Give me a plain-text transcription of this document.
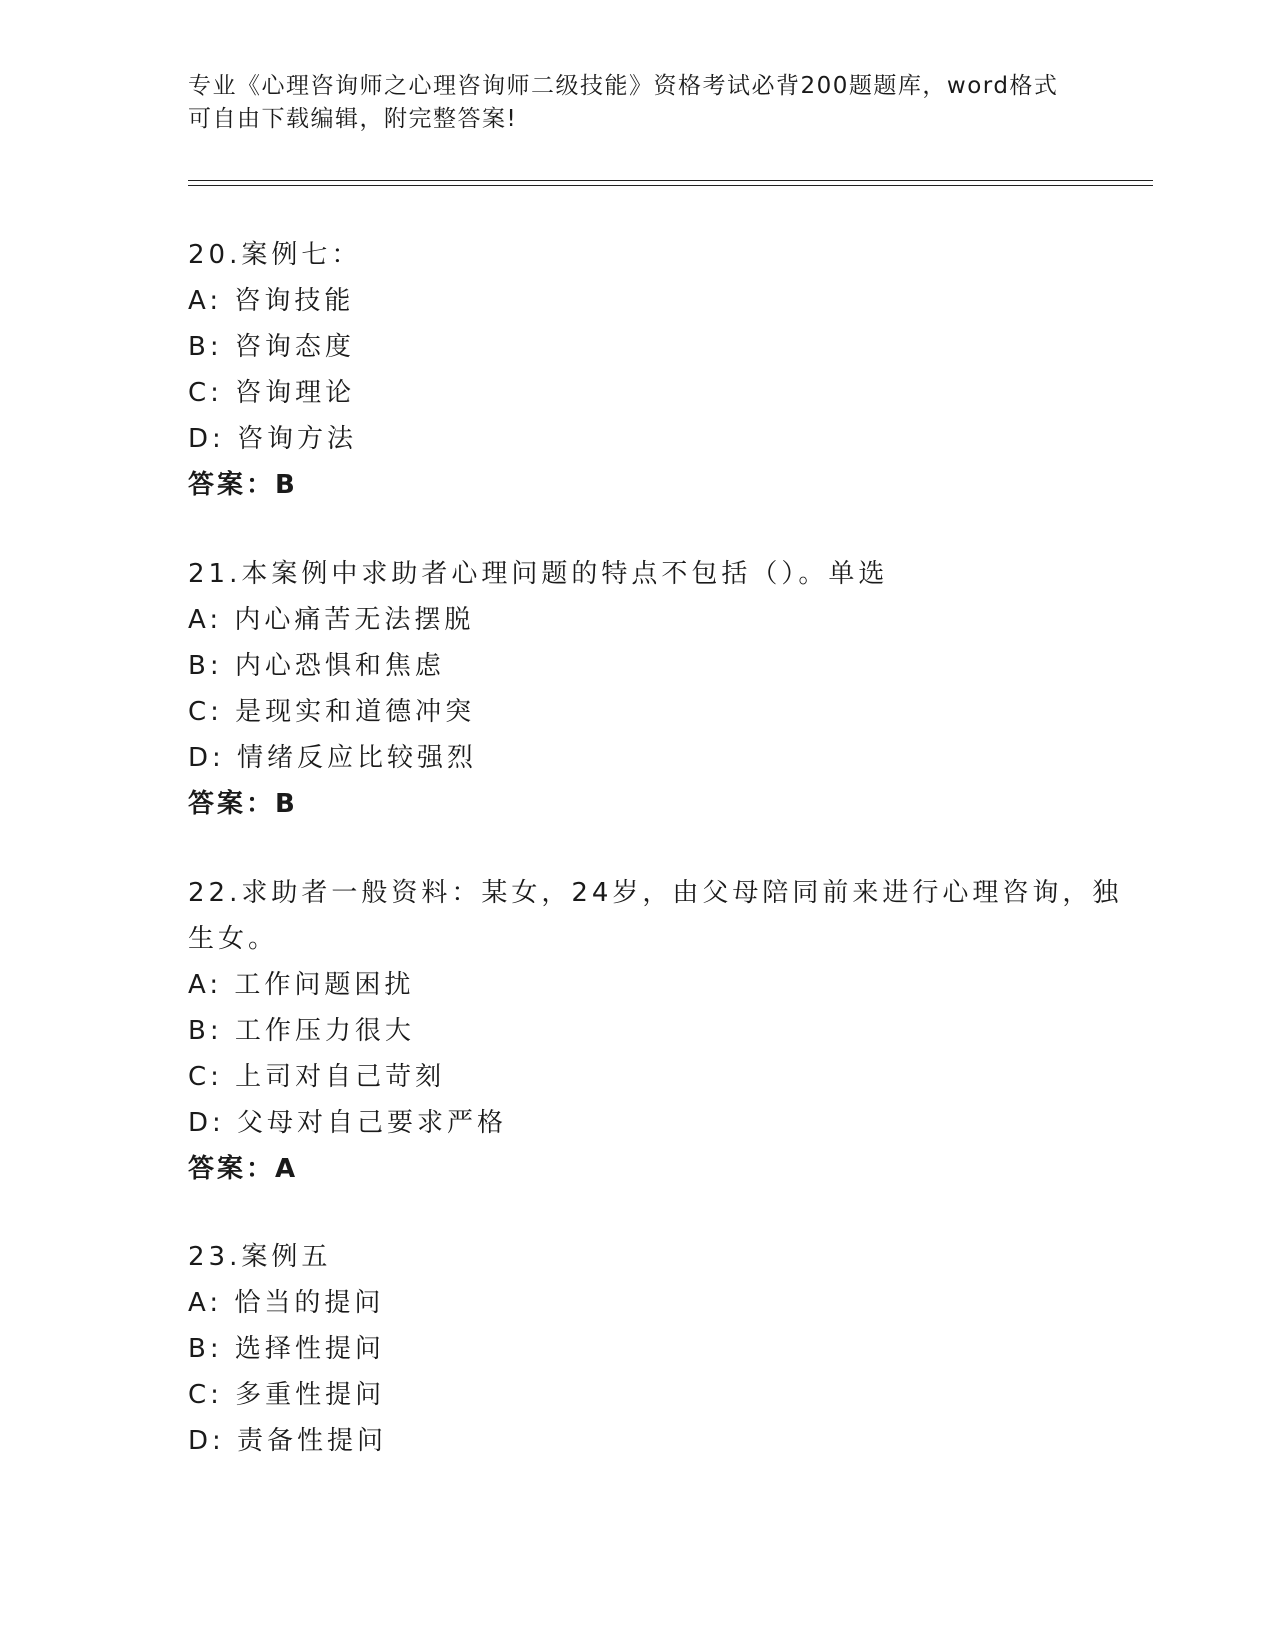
专业《心理咨询师之心理咨询师二级技能》资格考试必背200题题库，word格式
可自由下载编辑，附完整答案!
20.案例七：
A: 咨询技能
B: 咨询态度
C: 咨询理论
D: 咨询方法
答案：B
21.本案例中求助者心理问题的特点不包括（）。单选
A: 内心痛苦无法摆脱
B: 内心恐惧和焦虑
C: 是现实和道德冲突
D: 情绪反应比较强烈
答案：B
22.求助者一般资料：某女，24岁，由父母陪同前来进行心理咨询，独
生女。
A: 工作问题困扰
B: 工作压力很大
C: 上司对自己苛刻
D: 父母对自己要求严格
答案：A
23.案例五
A: 恰当的提问
B: 选择性提问
C: 多重性提问
D: 责备性提问
